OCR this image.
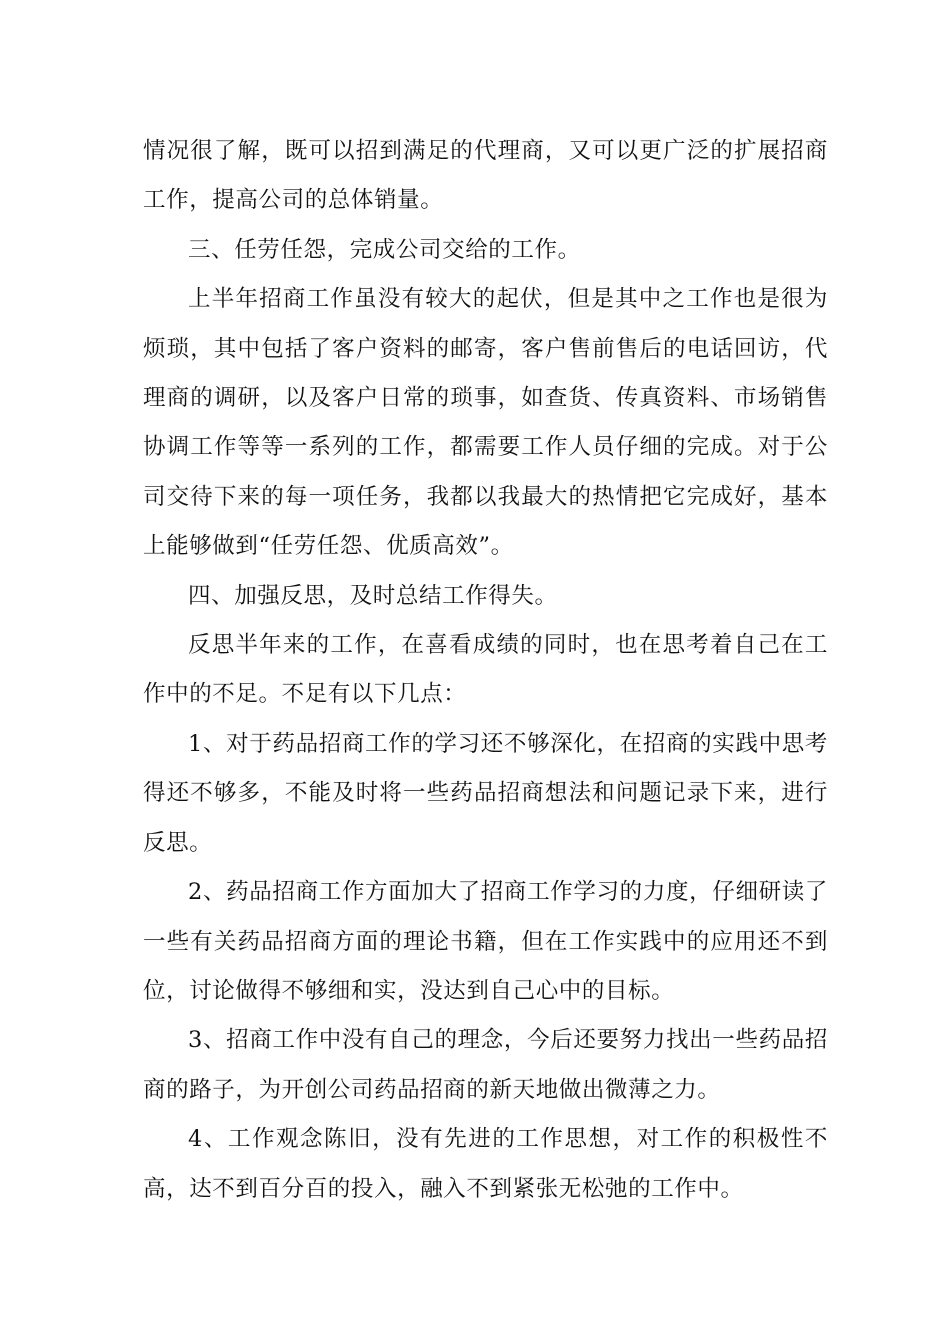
情况很了解，既可以招到满足的代理商，又可以更广泛的扩展招商工作，提高公司的总体销量。

三、任劳任怨，完成公司交给的工作。

上半年招商工作虽没有较大的起伏，但是其中之工作也是很为烦琐，其中包括了客户资料的邮寄，客户售前售后的电话回访，代理商的调研，以及客户日常的琐事，如查货、传真资料、市场销售协调工作等等一系列的工作，都需要工作人员仔细的完成。对于公司交待下来的每一项任务，我都以我最大的热情把它完成好，基本上能够做到“任劳任怨、优质高效”。

四、加强反思，及时总结工作得失。

反思半年来的工作，在喜看成绩的同时，也在思考着自己在工作中的不足。不足有以下几点：

1、对于药品招商工作的学习还不够深化，在招商的实践中思考得还不够多，不能及时将一些药品招商想法和问题记录下来，进行反思。

2、药品招商工作方面加大了招商工作学习的力度，仔细研读了一些有关药品招商方面的理论书籍，但在工作实践中的应用还不到位，讨论做得不够细和实，没达到自己心中的目标。

3、招商工作中没有自己的理念，今后还要努力找出一些药品招商的路子，为开创公司药品招商的新天地做出微薄之力。

4、工作观念陈旧，没有先进的工作思想，对工作的积极性不高，达不到百分百的投入，融入不到紧张无松弛的工作中。
